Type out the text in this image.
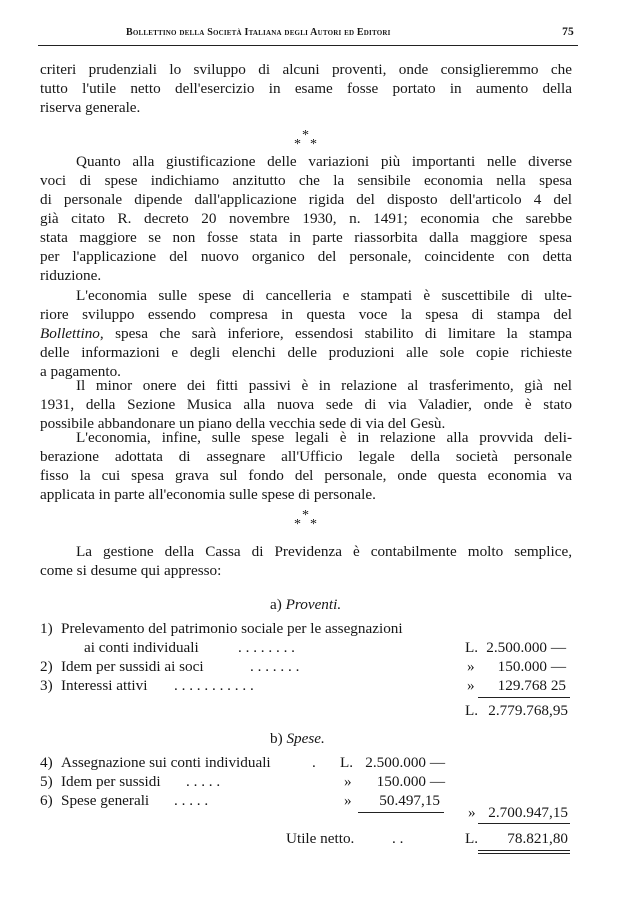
Bollettino della Società Italiana degli Autori ed Editori	75
criteri prudenziali lo sviluppo di alcuni proventi, onde consiglieremmo che
tutto l'utile netto dell'esercizio in esame fosse portato in aumento della
riserva generale.
*
* *
Quanto alla giustificazione delle variazioni più importanti nelle diverse
voci di spese indichiamo anzitutto che la sensibile economia nella spesa
di personale dipende dall'applicazione rigida del disposto dell'articolo 4 del
già citato R. decreto 20 novembre 1930, n. 1491; economia che sarebbe
stata maggiore se non fosse stata in parte riassorbita dalla maggiore spesa
per l'applicazione del nuovo organico del personale, coincidente con detta
riduzione.
L'economia sulle spese di cancelleria e stampati è suscettibile di ulte-
riore sviluppo essendo compresa in questa voce la spesa di stampa del
Bollettino, spesa che sarà inferiore, essendosi stabilito di limitare la stampa
delle informazioni e degli elenchi delle produzioni alle sole copie richieste
a pagamento.
Il minor onere dei fitti passivi è in relazione al trasferimento, già nel
1931, della Sezione Musica alla nuova sede di via Valadier, onde è stato
possibile abbandonare un piano della vecchia sede di via del Gesù.
L'economia, infine, sulle spese legali è in relazione alla provvida deli-
berazione adottata di assegnare all'Ufficio legale della società personale
fisso la cui spesa grava sul fondo del personale, onde questa economia va
applicata in parte all'economia sulle spese di personale.
*
* *
La gestione della Cassa di Previdenza è contabilmente molto semplice,
come si desume qui appresso:
a) Proventi.
1) Prelevamento del patrimonio sociale per le assegnazioni
ai conti individuali	. . . . . . . .	L. 2.500.000 —
2) Idem per sussidi ai soci	. . . . . . .	» 150.000 —
3) Interessi attivi . . . . . . . . . . .	» 129.768 25
L. 2.779.768,95
b) Spese.
4) Assegnazione sui conti individuali	. L. 2.500.000 —
5) Idem per sussidi . . . . .	» 150.000 —
6) Spese generali . . . . .	» 50.497,15
» 2.700.947,15
Utile netto. . .	L. 78.821,80
